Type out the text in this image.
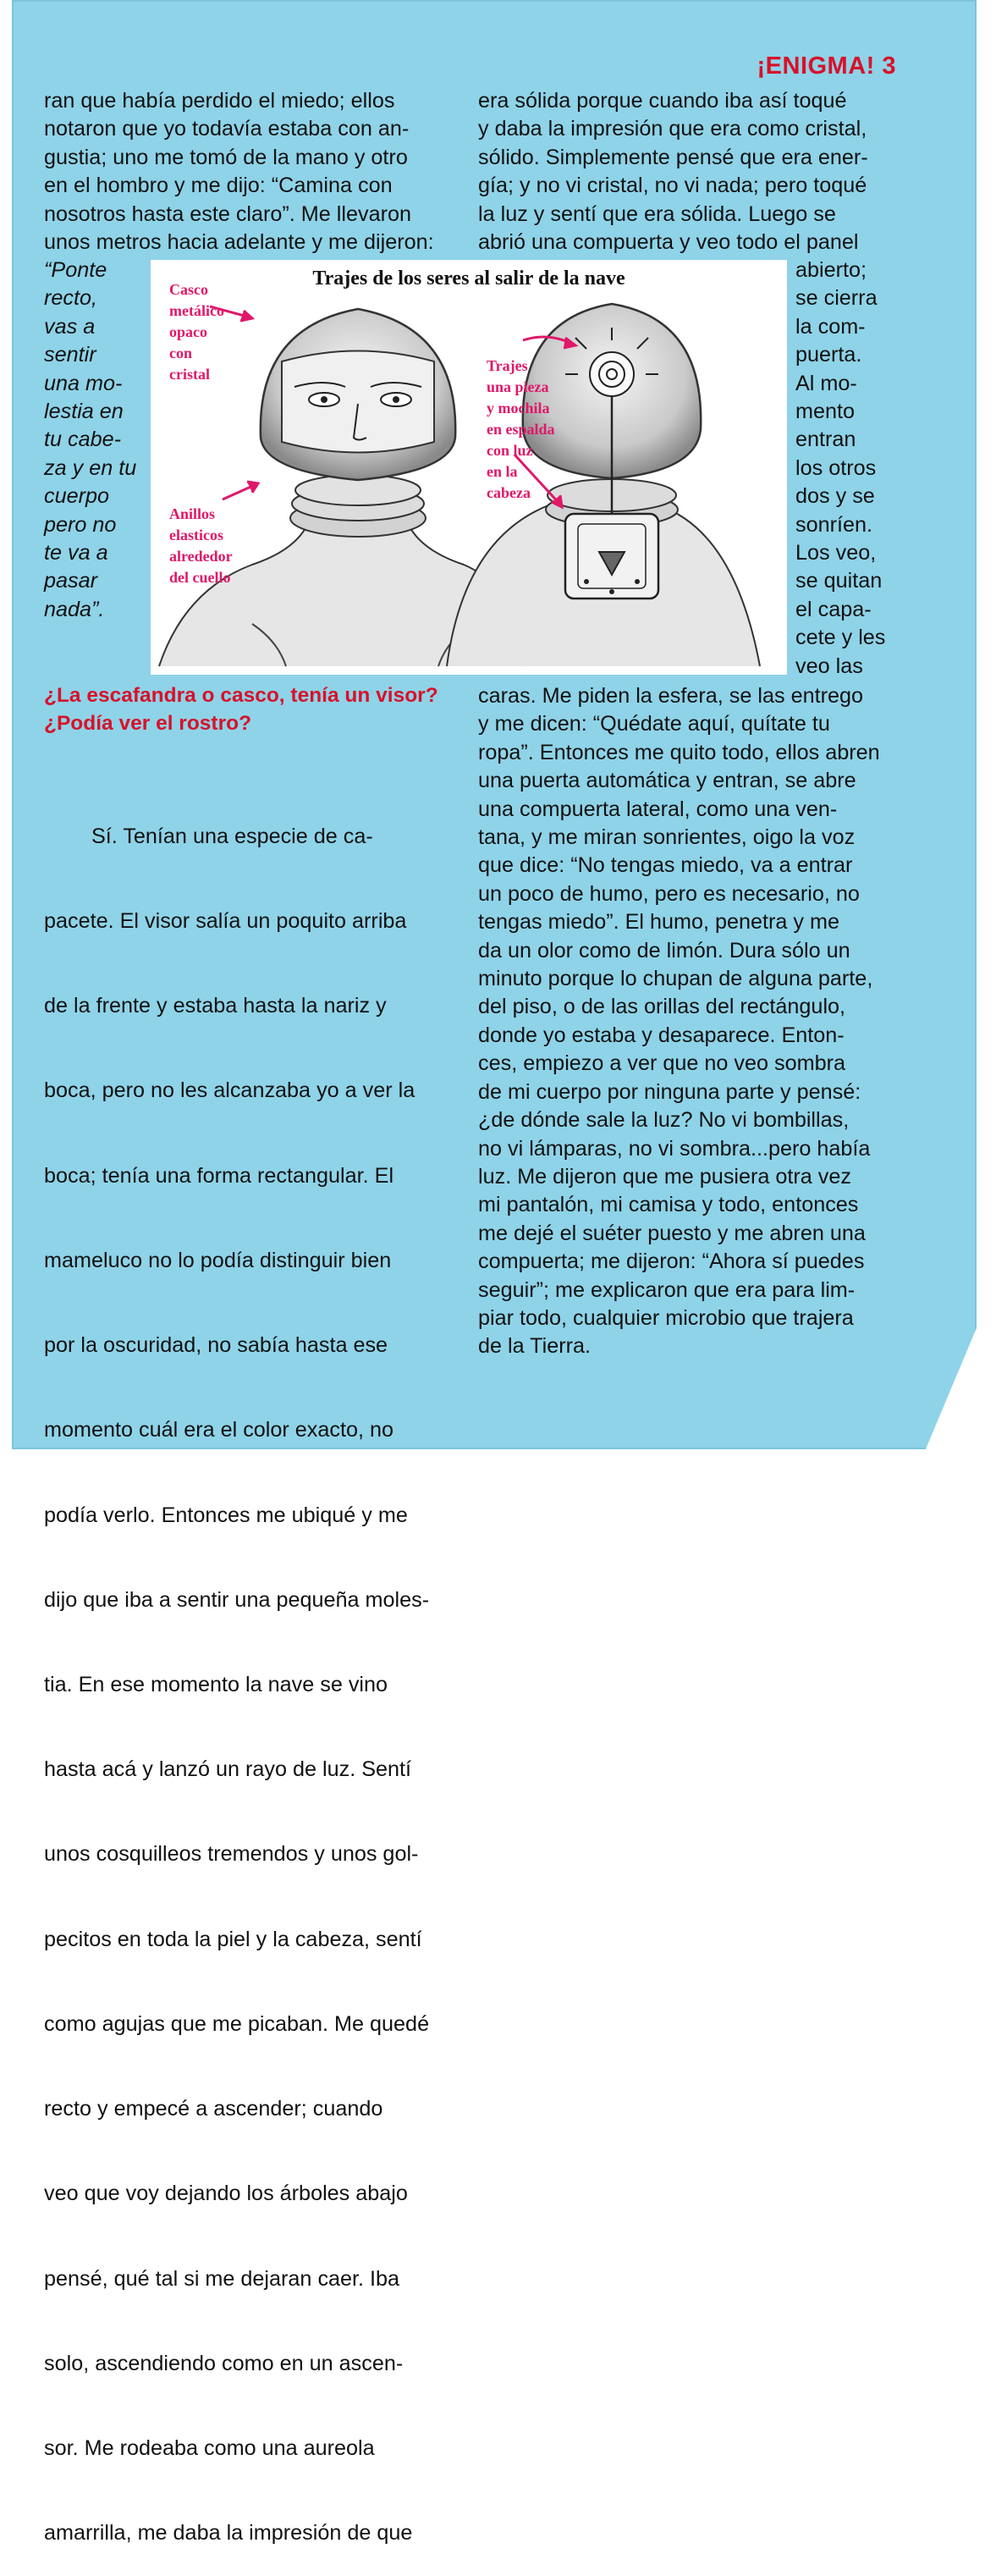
¡ENIGMA! 3

ran que había perdido el miedo; ellos

notaron que yo todavía estaba con an-

gustia; uno me tomó de la mano y otro

en el hombro y me dijo: “Camina con

nosotros hasta este claro”. Me llevaron

unos metros hacia adelante y me dijeron:

“Ponte
recto,
vas a
sentir
una mo-
lestia en
tu cabe-
za y en tu
cuerpo
pero no
te va a
pasar
nada”.

era sólida porque cuando iba así toqué

y daba la impresión que era como cristal,

sólido. Simplemente pensé que era ener-

gía; y no vi cristal, no vi nada; pero toqué

la luz y sentí que era sólida. Luego se

abrió una compuerta y veo todo el panel

abierto;
se cierra
la com-
puerta.
Al mo-
mento
entran
los otros
dos y se
sonríen.
Los veo,
se quitan
el capa-
cete y les
veo las
Trajes de los seres al salir de la nave
Casco
metálico
opaco
con
cristal
Anillos
elasticos
alrededor
del cuello
Trajes
una pieza
y mochila
en espalda
con luz
en la
cabeza
¿La escafandra o casco, tenía un visor? ¿Podía ver el rostro?

caras. Me piden la esfera, se las entrego

y me dicen: “Quédate aquí, quítate tu

ropa”. Entonces me quito todo, ellos abren

una puerta automática y entran, se abre

una compuerta lateral, como una ven-

tana, y me miran sonrientes, oigo la voz

que dice: “No tengas miedo, va a entrar

un poco de humo, pero es necesario, no

tengas miedo”. El humo, penetra y me

da un olor como de limón. Dura sólo un

minuto porque lo chupan de alguna parte,

del piso, o de las orillas del rectángulo,

donde yo estaba y desaparece. Enton-

ces, empiezo a ver que no veo sombra

de mi cuerpo por ninguna parte y pensé:

¿de dónde sale la luz? No vi bombillas,

no vi lámparas, no vi sombra...pero había

luz. Me dijeron que me pusiera otra vez

mi pantalón, mi camisa y todo, entonces

me dejé el suéter puesto y me abren una

compuerta; me dijeron: “Ahora sí puedes

seguir”; me explicaron que era para lim-

piar todo, cualquier microbio que trajera

de la Tierra.

Sí. Tenían una especie de ca-

pacete. El visor salía un poquito arriba

de la frente y estaba hasta la nariz y

boca, pero no les alcanzaba yo a ver la

boca; tenía una forma rectangular. El

mameluco no lo podía distinguir bien

por la oscuridad, no sabía hasta ese

momento cuál era el color exacto, no

podía verlo. Entonces me ubiqué y me

dijo que iba a sentir una pequeña moles-

tia. En ese momento la nave se vino

hasta acá y lanzó un rayo de luz. Sentí

unos cosquilleos tremendos y unos gol-

pecitos en toda la piel y la cabeza, sentí

como agujas que me picaban. Me quedé

recto y empecé a ascender; cuando

veo que voy dejando los árboles abajo

pensé, qué tal si me dejaran caer. Iba

solo, ascendiendo como en un ascen-

sor. Me rodeaba como una aureola

amarrilla, me daba la impresión de que
